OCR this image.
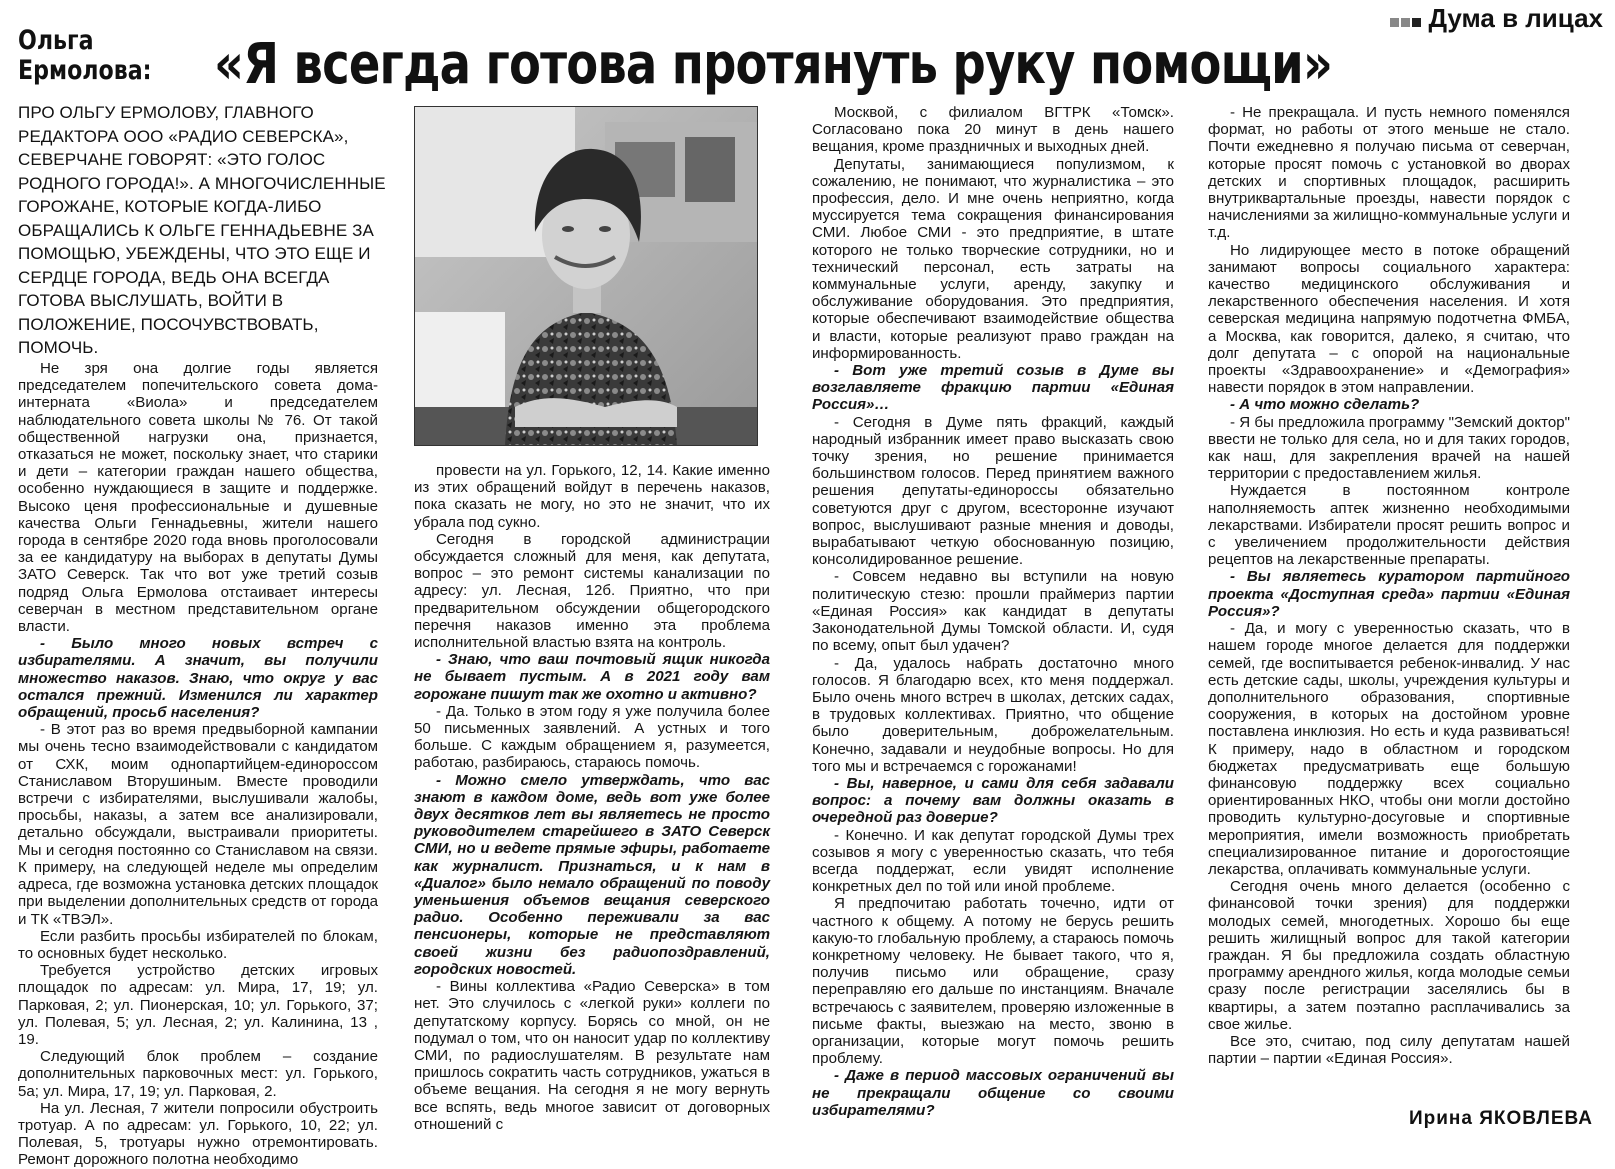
Дума в лицах
Ольга
Ермолова: «Я всегда готова протянуть руку помощи»
ПРО ОЛЬГУ ЕРМОЛОВУ, ГЛАВНОГО РЕДАКТОРА ООО «РАДИО СЕВЕРСКА», СЕВЕРЧАНЕ ГОВОРЯТ: «ЭТО ГОЛОС РОДНОГО ГОРОДА!». А МНОГОЧИСЛЕННЫЕ ГОРОЖАНЕ, КОТОРЫЕ КОГДА-ЛИБО ОБРАЩАЛИСЬ К ОЛЬГЕ ГЕННАДЬЕВНЕ ЗА ПОМОЩЬЮ, УБЕЖДЕНЫ, ЧТО ЭТО ЕЩЕ И СЕРДЦЕ ГОРОДА, ВЕДЬ ОНА ВСЕГДА ГОТОВА ВЫСЛУШАТЬ, ВОЙТИ В ПОЛОЖЕНИЕ, ПОСОЧУВСТВОВАТЬ, ПОМОЧЬ.

Не зря она долгие годы является председателем попечительского совета дома-интерната «Виола» и председателем наблюдательного совета школы № 76. От такой общественной нагрузки она, признается, отказаться не может, поскольку знает, что старики и дети – категории граждан нашего общества, особенно нуждающиеся в защите и поддержке. Высоко ценя профессиональные и душевные качества Ольги Геннадьевны, жители нашего города в сентябре 2020 года вновь проголосовали за ее кандидатуру на выборах в депутаты Думы ЗАТО Северск. Так что вот уже третий созыв подряд Ольга Ермолова отстаивает интересы северчан в местном представительном органе власти.

- Было много новых встреч с избирателями. А значит, вы получили множество наказов. Знаю, что округ у вас остался прежний. Изменился ли характер обращений, просьб населения?

- В этот раз во время предвыборной кампании мы очень тесно взаимодействовали с кандидатом от СХК, моим однопартийцем-единороссом Станиславом Вторушиным. Вместе проводили встречи с избирателями, выслушивали жалобы, просьбы, наказы, а затем все анализировали, детально обсуждали, выстраивали приоритеты. Мы и сегодня постоянно со Станиславом на связи. К примеру, на следующей неделе мы определим адреса, где возможна установка детских площадок при выделении дополнительных средств от города и ТК «ТВЭЛ».

Если разбить просьбы избирателей по блокам, то основных будет несколько.

Требуется устройство детских игровых площадок по адресам: ул. Мира, 17, 19; ул. Парковая, 2; ул. Пионерская, 10; ул. Горького, 37; ул. Полевая, 5; ул. Лесная, 2; ул. Калинина, 13 , 19.

Следующий блок проблем – создание дополнительных парковочных мест: ул. Горького, 5а; ул. Мира, 17, 19; ул. Парковая, 2.

На ул. Лесная, 7 жители попросили обустроить тротуар. А по адресам: ул. Горького, 10, 22; ул. Полевая, 5, тротуары нужно отремонтировать. Ремонт дорожного полотна необходимо

провести на ул. Горького, 12, 14. Какие именно из этих обращений войдут в перечень наказов, пока сказать не могу, но это не значит, что их убрала под сукно.

Сегодня в городской администрации обсуждается сложный для меня, как депутата, вопрос – это ремонт системы канализации по адресу: ул. Лесная, 12б. Приятно, что при предварительном обсуждении общегородского перечня наказов именно эта проблема исполнительной властью взята на контроль.

- Знаю, что ваш почтовый ящик никогда не бывает пустым. А в 2021 году вам горожане пишут так же охотно и активно?

- Да. Только в этом году я уже получила более 50 письменных заявлений. А устных и того больше. С каждым обращением я, разумеется, работаю, разбираюсь, стараюсь помочь.

- Можно смело утверждать, что вас знают в каждом доме, ведь вот уже более двух десятков лет вы являетесь не просто руководителем старейшего в ЗАТО Северск СМИ, но и ведете прямые эфиры, работаете как журналист. Признаться, и к нам в «Диалог» было немало обращений по поводу уменьшения объемов вещания северского радио. Особенно переживали за вас пенсионеры, которые не представляют своей жизни без радиопоздравлений, городских новостей.

- Вины коллектива «Радио Северска» в том нет. Это случилось с «легкой руки» коллеги по депутатскому корпусу. Борясь со мной, он не подумал о том, что он наносит удар по коллективу СМИ, по радиослушателям. В результате нам пришлось сократить часть сотрудников, ужаться в объеме вещания. На сегодня я не могу вернуть все вспять, ведь многое зависит от договорных отношений с

Москвой, с филиалом ВГТРК «Томск». Согласовано пока 20 минут в день нашего вещания, кроме праздничных и выходных дней.

Депутаты, занимающиеся популизмом, к сожалению, не понимают, что журналистика – это профессия, дело. И мне очень неприятно, когда муссируется тема сокращения финансирования СМИ. Любое СМИ - это предприятие, в штате которого не только творческие сотрудники, но и технический персонал, есть затраты на коммунальные услуги, аренду, закупку и обслуживание оборудования. Это предприятия, которые обеспечивают взаимодействие общества и власти, которые реализуют право граждан на информированность.

- Вот уже третий созыв в Думе вы возглавляете фракцию партии «Единая Россия»…

- Сегодня в Думе пять фракций, каждый народный избранник имеет право высказать свою точку зрения, но решение принимается большинством голосов. Перед принятием важного решения депутаты-единороссы обязательно советуются друг с другом, всесторонне изучают вопрос, выслушивают разные мнения и доводы, вырабатывают четкую обоснованную позицию, консолидированное решение.

- Совсем недавно вы вступили на новую политическую стезю: прошли праймериз партии «Единая Россия» как кандидат в депутаты Законодательной Думы Томской области. И, судя по всему, опыт был удачен?

- Да, удалось набрать достаточно много голосов. Я благодарю всех, кто меня поддержал. Было очень много встреч в школах, детских садах, в трудовых коллективах. Приятно, что общение было доверительным, доброжелательным. Конечно, задавали и неудобные вопросы. Но для того мы и встречаемся с горожанами!

- Вы, наверное, и сами для себя задавали вопрос: а почему вам должны оказать в очередной раз доверие?

- Конечно. И как депутат городской Думы трех созывов я могу с уверенностью сказать, что тебя всегда поддержат, если увидят исполнение конкретных дел по той или иной проблеме.

Я предпочитаю работать точечно, идти от частного к общему. А потому не берусь решить какую-то глобальную проблему, а стараюсь помочь конкретному человеку. Не бывает такого, что я, получив письмо или обращение, сразу переправляю его дальше по инстанциям. Вначале встречаюсь с заявителем, проверяю изложенные в письме факты, выезжаю на место, звоню в организации, которые могут помочь решить проблему.

- Даже в период массовых ограничений вы не прекращали общение со своими избирателями?

- Не прекращала. И пусть немного поменялся формат, но работы от этого меньше не стало. Почти ежедневно я получаю письма от северчан, которые просят помочь с установкой во дворах детских и спортивных площадок, расширить внутриквартальные проезды, навести порядок с начислениями за жилищно-коммунальные услуги и т.д.

Но лидирующее место в потоке обращений занимают вопросы социального характера: качество медицинского обслуживания и лекарственного обеспечения населения. И хотя северская медицина напрямую подотчетна ФМБА, а Москва, как говорится, далеко, я считаю, что долг депутата – с опорой на национальные проекты «Здравоохранение» и «Демография» навести порядок в этом направлении.

- А что можно сделать?

- Я бы предложила программу "Земский доктор" ввести не только для села, но и для таких городов, как наш, для закрепления врачей на нашей территории с предоставлением жилья.

Нуждается в постоянном контроле наполняемость аптек жизненно необходимыми лекарствами. Избиратели просят решить вопрос и с увеличением продолжительности действия рецептов на лекарственные препараты.

- Вы являетесь куратором партийного проекта «Доступная среда» партии «Единая Россия»?

- Да, и могу с уверенностью сказать, что в нашем городе многое делается для поддержки семей, где воспитывается ребенок-инвалид. У нас есть детские сады, школы, учреждения культуры и дополнительного образования, спортивные сооружения, в которых на достойном уровне поставлена инклюзия. Но есть и куда развиваться! К примеру, надо в областном и городском бюджетах предусматривать еще большую финансовую поддержку всех социально ориентированных НКО, чтобы они могли достойно проводить культурно-досуговые и спортивные мероприятия, имели возможность приобретать специализированное питание и дорогостоящие лекарства, оплачивать коммунальные услуги.

Сегодня очень много делается (особенно с финансовой точки зрения) для поддержки молодых семей, многодетных. Хорошо бы еще решить жилищный вопрос для такой категории граждан. Я бы предложила создать областную программу арендного жилья, когда молодые семьи сразу после регистрации заселялись бы в квартиры, а затем поэтапно расплачивались за свое жилье.

Все это, считаю, под силу депутатам нашей партии – партии «Единая Россия».

Ирина ЯКОВЛЕВА
